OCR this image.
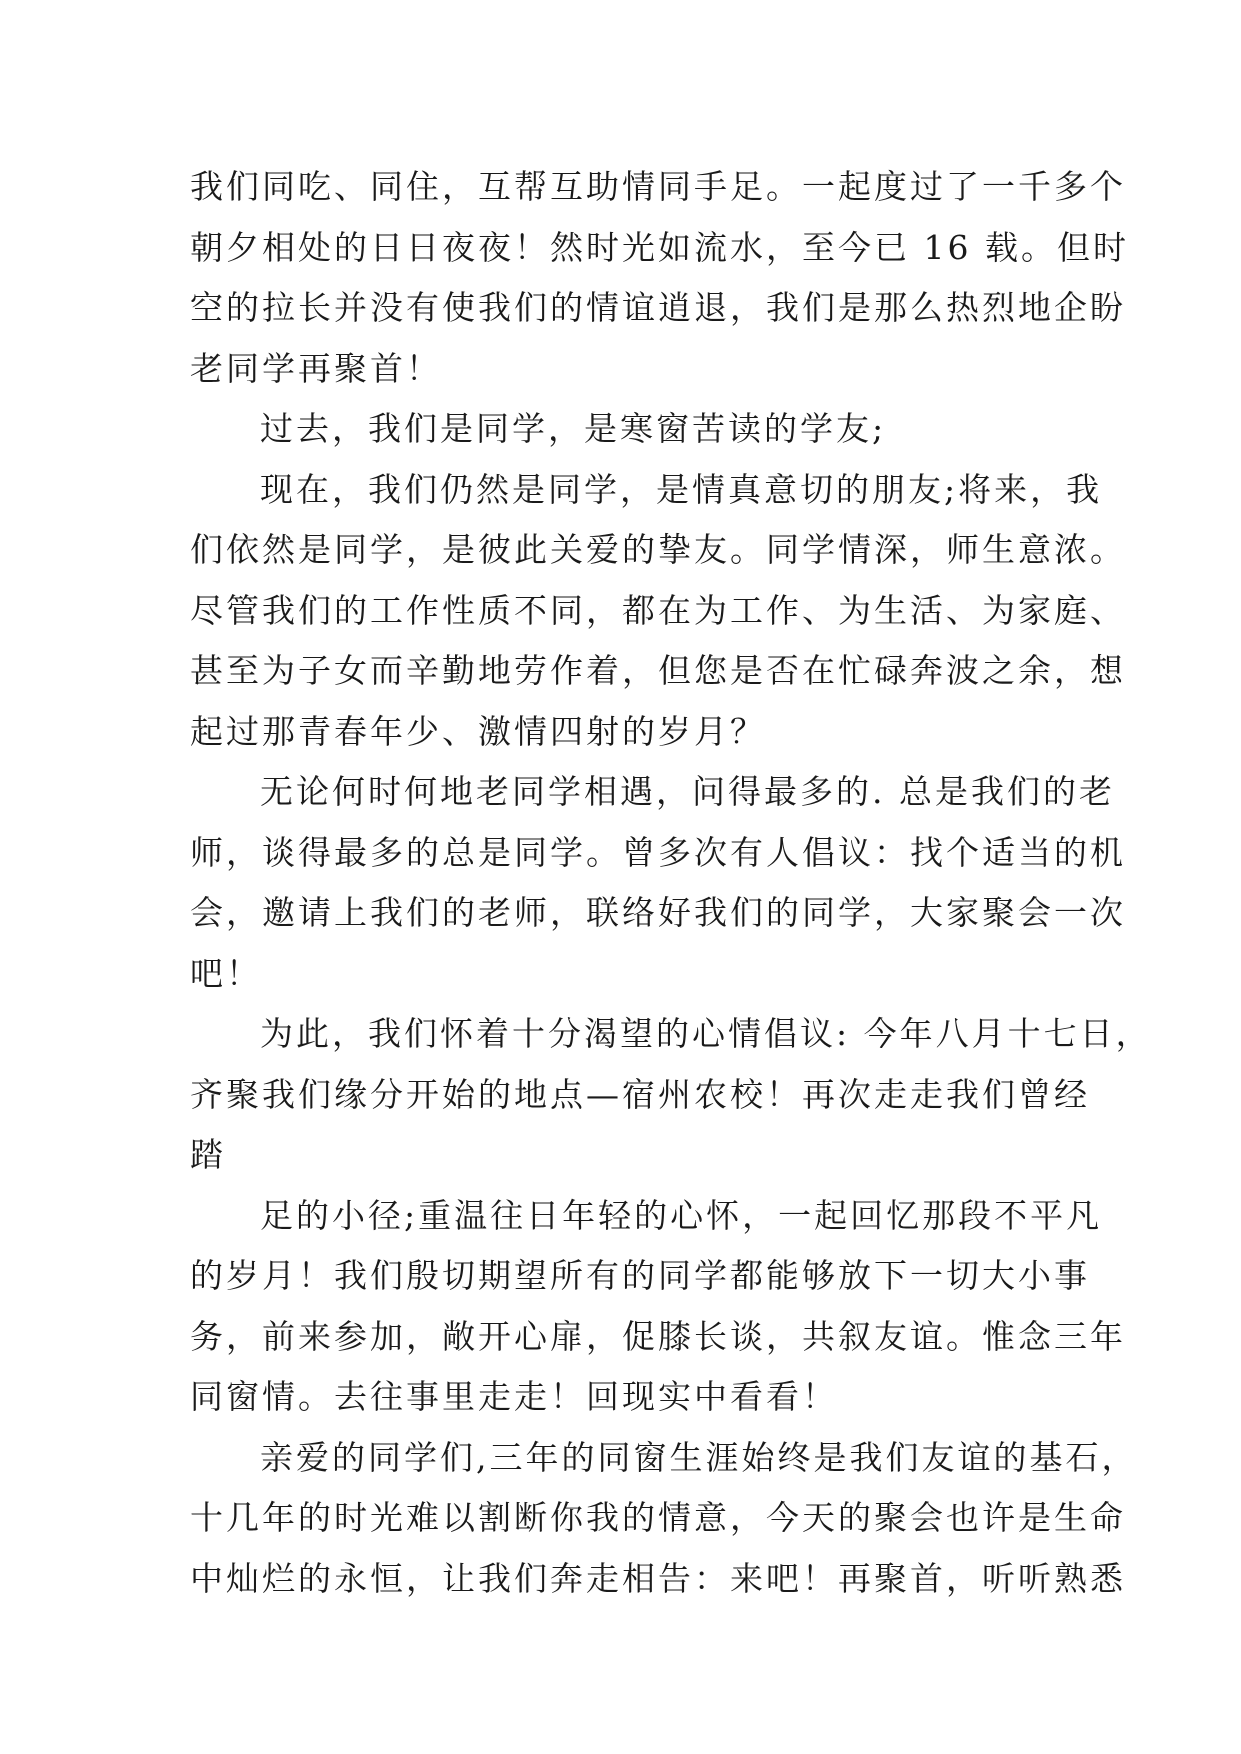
我们同吃、同住，互帮互助情同手足。一起度过了一千多个
朝夕相处的日日夜夜！然时光如流水，至今已 16 载。但时
空的拉长并没有使我们的情谊逍退，我们是那么热烈地企盼
老同学再聚首！
过去，我们是同学，是寒窗苦读的学友;
现在，我们仍然是同学，是情真意切的朋友;将来，我
们依然是同学，是彼此关爱的挚友。同学情深，师生意浓。
尽管我们的工作性质不同，都在为工作、为生活、为家庭、
甚至为子女而辛勤地劳作着，但您是否在忙碌奔波之余，想
起过那青春年少、激情四射的岁月？
无论何时何地老同学相遇，问得最多的. 总是我们的老
师，谈得最多的总是同学。曾多次有人倡议：找个适当的机
会，邀请上我们的老师，联络好我们的同学，大家聚会一次
吧！
为此，我们怀着十分渴望的心情倡议: 今年八月十七日，
齐聚我们缘分开始的地点—宿州农校！再次走走我们曾经
踏
足的小径;重温往日年轻的心怀，一起回忆那段不平凡
的岁月！我们殷切期望所有的同学都能够放下一切大小事
务，前来参加，敞开心扉，促膝长谈，共叙友谊。惟念三年
同窗情。去往事里走走！回现实中看看！
亲爱的同学们,三年的同窗生涯始终是我们友谊的基石，
十几年的时光难以割断你我的情意，今天的聚会也许是生命
中灿烂的永恒，让我们奔走相告：来吧！再聚首，听听熟悉
